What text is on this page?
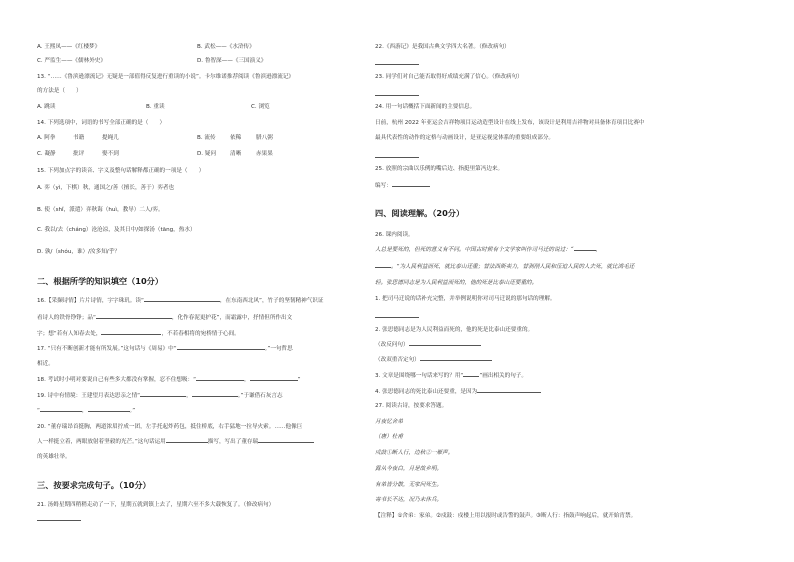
A. 王熙凤——《红楼梦》	B. 武松——《水浒传》
C. 严监生——《儒林外史》	D. 鲁智深——《三国演义》
13. “……《鲁滨逊漂流记》无疑是一部值得反复进行重读的小说”。卡尔维诺推荐阅读《鲁滨逊漂流记》
的方法是（　　）
A. 跳读	B. 重读	C. 浏览
14. 下列选项中，词语的书写全部正确的是（　　）
A. 阿拳	书籍	提绳儿	B. 流传	依稀	腊八粥
C. 凝静	批评	娶不到	D. 疑问 清晰	赤果果
15. 下列加点字的读音、字义及整句话解释都正确的一项是（　　）
A. 弈（yì，下棋）秋，通国之/善（擅长，善于）弈者也
B. 使（shǐ，派遣）弈秋诲（huì，教导）二人/弈。
C. 我以/去（cháng）沧沧凉，及其日中/如探汤（tāng，热水）
D. 孰/（shóu，谁）/汝多知/乎？
二、根据所学的知识填空（10分）
16.【采撷诗情】片片诗情，字字珠玑。读“	，在东南西北风”，竹子的坚韧精神气识证
看诗人的铁骨铮铮；品“	，化作春泥更护花”，而霜露中，抒情但所作出文
字；想“若有人知春去处，	，不若春相将的宛桥情于心间。
17. “只有不断创新才能有所发展。”这句话与《周易》中“	。”一句哲思
相近。
18. 考试时小明对要说自己有些多大都没有掌握，忍不住想吸：“	，	”
19. 诗中有情境：王建望月表达思亲之情“	，	。”于谦借石灰言志
“	，	。”
20. “董存瑞昂首挺胸，两道浓眉拧成一团，左手托起炸药包，抵住桥底，右手猛地一拉导火索。……他像巨
人一样挺立着，两眼放射着坚毅的光芒。”这句话运用	描写，写出了董存瑞
的英雄壮举。
三、按要求完成句子。（10分）
21. 汤姆星期四稍稍走动了一下，星期五就到镇上去了，星期六至不多大载恢复了。（修改病句）
22.《西游记》是我国古典文学四大名著。（修改病句）
23. 同学们对自己能否取得好成绩充满了信心。（修改病句）
24. 用一句话概括下面新闻的主要信息。
日前，杭州 2022 年亚运会吉祥物项目运动造型设计在线上发布，该设计是利用吉祥物对具备体育项目比赛中
最具代表性的动作的定格与动画设计，是亚运视觉体系的重要组成部分。
25. 放照的宗曲以乐例的嘴后边、指挺里第冯边来。
编写：
四、阅读理解。（20分）
26. 课内阅读。
人总是要死的，但死的意义有不同。中国古时候有个文学家叫作司马迁的说过：“	，
。”为人民利益而死，就比泰山还重；替法西斯卖力，替剥削人民和压迫人民的人去死，就比鸿毛还
轻。张思德同志是为人民利益而死的，他的死是比泰山还要重的。
1. 把司马迁说的话补充完整，并举例说明你对司马迁说的那句话的理解。
2. 张思德同志是为人民利益而死的，他的死是比泰山还要重的。
（改反问句）
（改双重否定句）
3. 文章是围绕哪一句话来写的？用“	”画出相关的句子。
4. 张思德同志的死比泰山还要重，是因为
27. 阅读古诗，按要求答题。
月夜忆舍弟
（唐）杜甫
戍鼓①断人行，边秋②一雁声。
露从今夜白，月是故乡明。
有弟皆分散，无家问死生。
寄书长不达，况乃未休兵。
【注释】①舍弟：家弟。②戍鼓：戍楼上用以报时或告警的鼓声。③断人行：指鼓声响起后，就开始宵禁。
